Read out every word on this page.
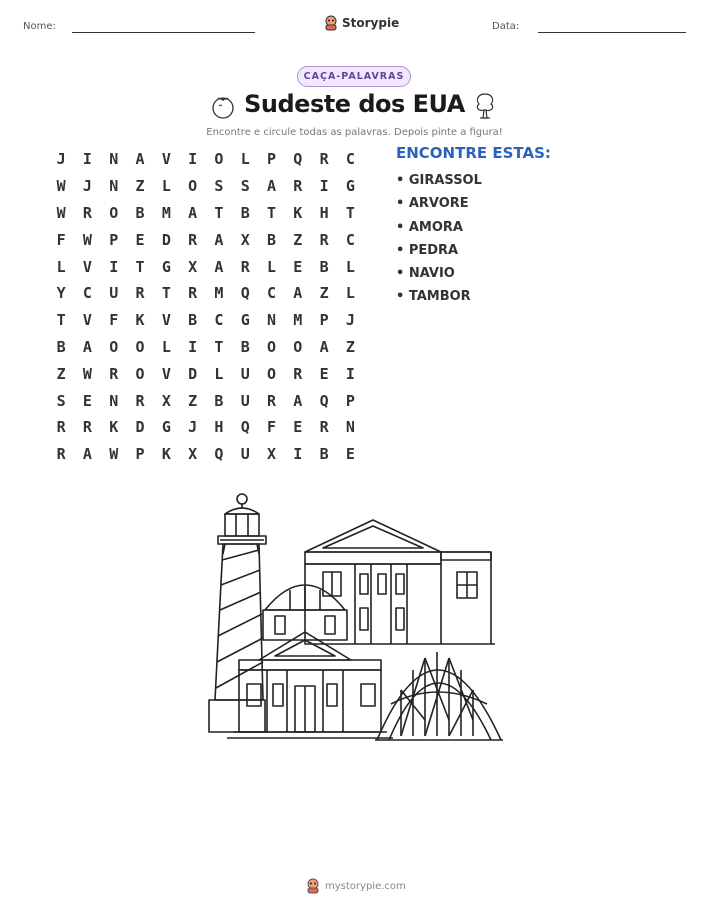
Nome:	Storypie	Data:
CAÇA-PALAVRAS
Sudeste dos EUA
Encontre e circule todas as palavras. Depois pinte a figura!
J	I	N	A	V	I	O	L	P	Q	R	C
W	J	N	Z	L	O	S	S	A	R	I	G
W	R	O	B	M	A	T	B	T	K	H	T
F	W	P	E	D	R	A	X	B	Z	R	C
L	V	I	T	G	X	A	R	L	E	B	L
Y	C	U	R	T	R	M	Q	C	A	Z	L
T	V	F	K	V	B	C	G	N	M	P	J
B	A	O	O	L	I	T	B	O	O	A	Z
Z	W	R	O	V	D	L	U	O	R	E	I
S	E	N	R	X	Z	B	U	R	A	Q	P
R	R	K	D	G	J	H	Q	F	E	R	N
R	A	W	P	K	X	Q	U	X	I	B	E
ENCONTRE ESTAS:
• GIRASSOL
• ARVORE
• AMORA
• PEDRA
• NAVIO
• TAMBOR
mystorypie.com
